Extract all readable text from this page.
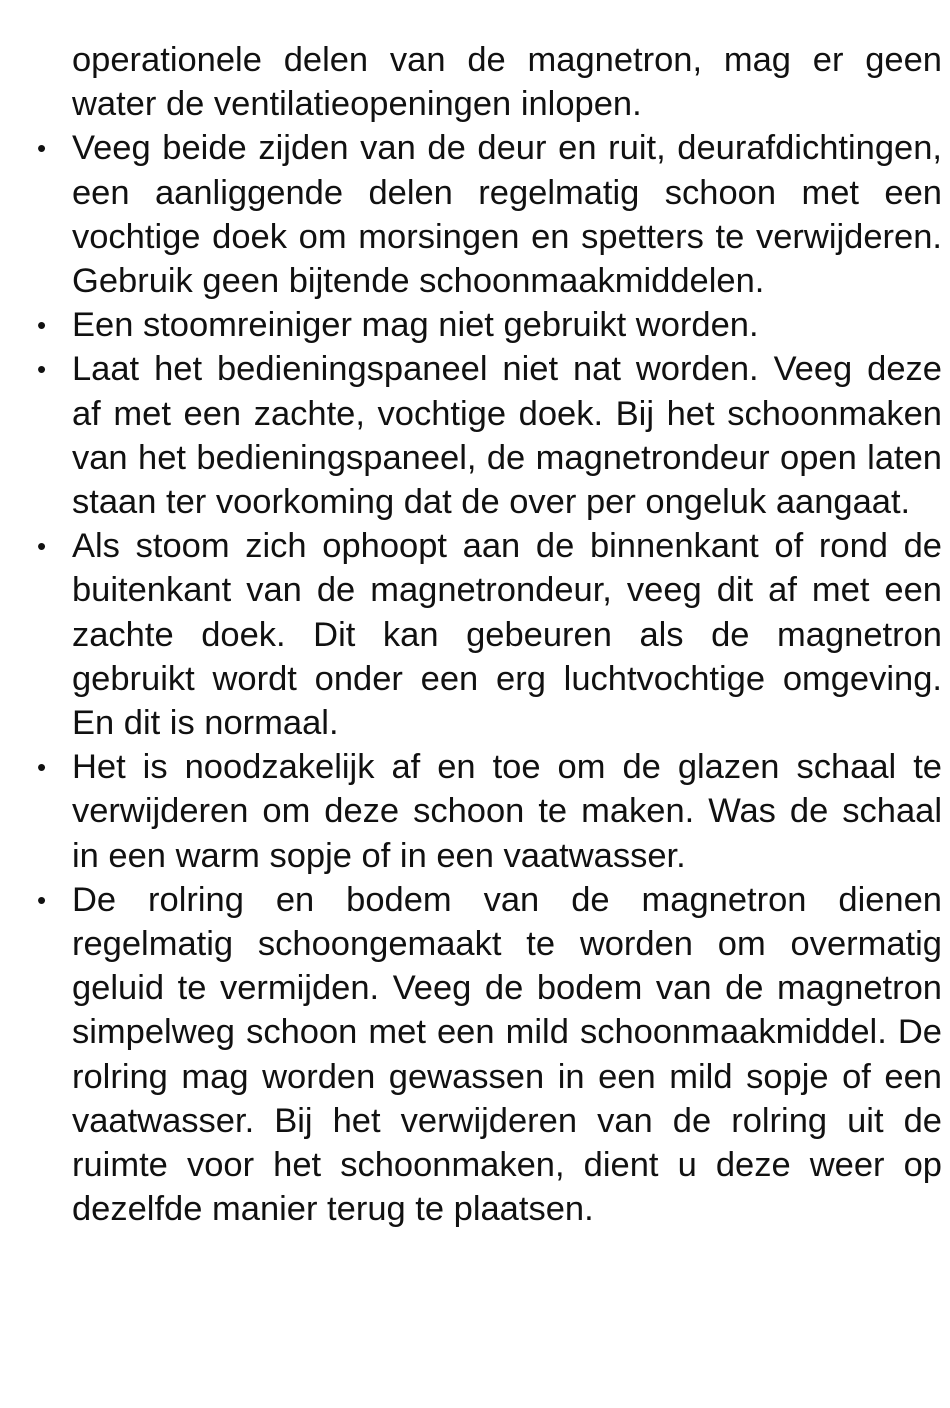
operationele delen van de magnetron, mag er geen water de ventilatieopeningen inlopen.

• Veeg beide zijden van de deur en ruit, deurafdichtingen, een aanliggende delen regelmatig schoon met een vochtige doek om morsingen en spetters te verwijderen. Gebruik geen bijtende schoonmaakmiddelen.

• Een stoomreiniger mag niet gebruikt worden.

• Laat het bedieningspaneel niet nat worden. Veeg deze af met een zachte, vochtige doek. Bij het schoonmaken van het bedieningspaneel, de magnetrondeur open laten staan ter voorkoming dat de over per ongeluk aangaat.

• Als stoom zich ophoopt aan de binnenkant of rond de buitenkant van de magnetrondeur, veeg dit af met een zachte doek. Dit kan gebeuren als de magnetron gebruikt wordt onder een erg luchtvochtige omgeving. En dit is normaal.

• Het is noodzakelijk af en toe om de glazen schaal te verwijderen om deze schoon te maken. Was de schaal in een warm sopje of in een vaatwasser.

• De rolring en bodem van de magnetron dienen regelmatig schoongemaakt te worden om overmatig geluid te vermijden. Veeg de bodem van de magnetron simpelweg schoon met een mild schoonmaakmiddel. De rolring mag worden gewassen in een mild sopje of een vaatwasser. Bij het verwijderen van de rolring uit de ruimte voor het schoonmaken, dient u deze weer op dezelfde manier terug te plaatsen.
